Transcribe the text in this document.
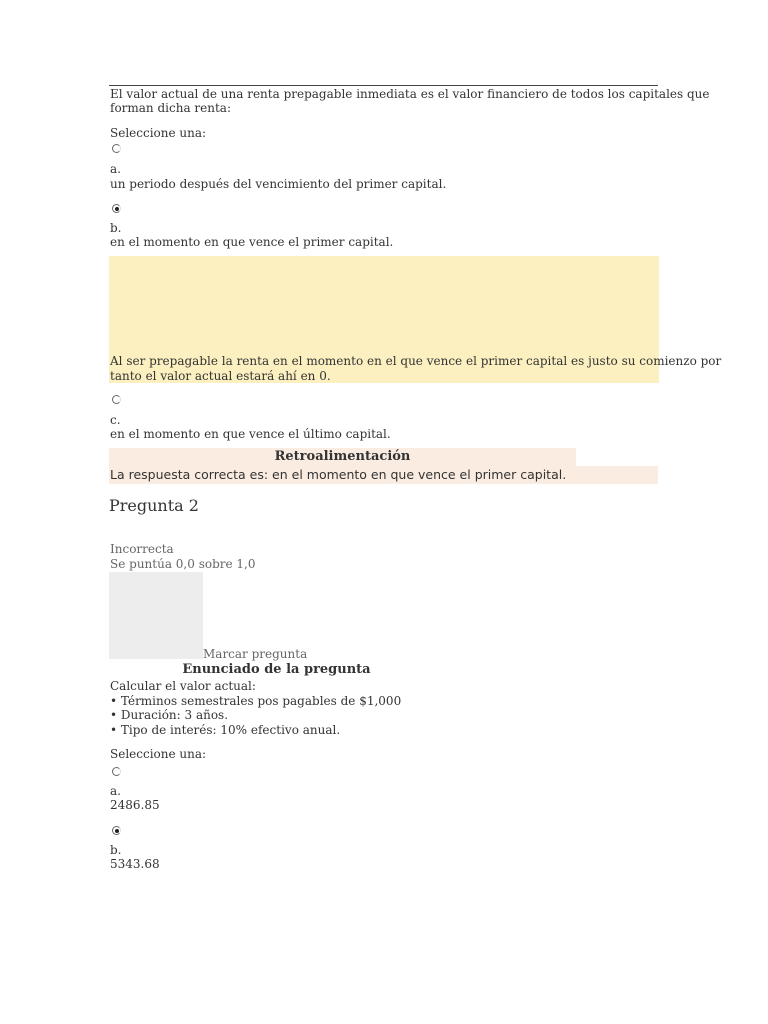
El valor actual de una renta prepagable inmediata es el valor financiero de todos los capitales que
forman dicha renta:
Seleccione una:
a.
un periodo después del vencimiento del primer capital.
b.
en el momento en que vence el primer capital.
Al ser prepagable la renta en el momento en el que vence el primer capital es justo su comienzo por
tanto el valor actual estará ahí en 0.
c.
en el momento en que vence el último capital.
Retroalimentación
La respuesta correcta es: en el momento en que vence el primer capital.
Pregunta 2
Incorrecta
Se puntúa 0,0 sobre 1,0
Marcar pregunta
Enunciado de la pregunta
Calcular el valor actual:
• Términos semestrales pos pagables de $1,000
• Duración: 3 años.
• Tipo de interés: 10% efectivo anual.
Seleccione una:
a.
2486.85
b.
5343.68
